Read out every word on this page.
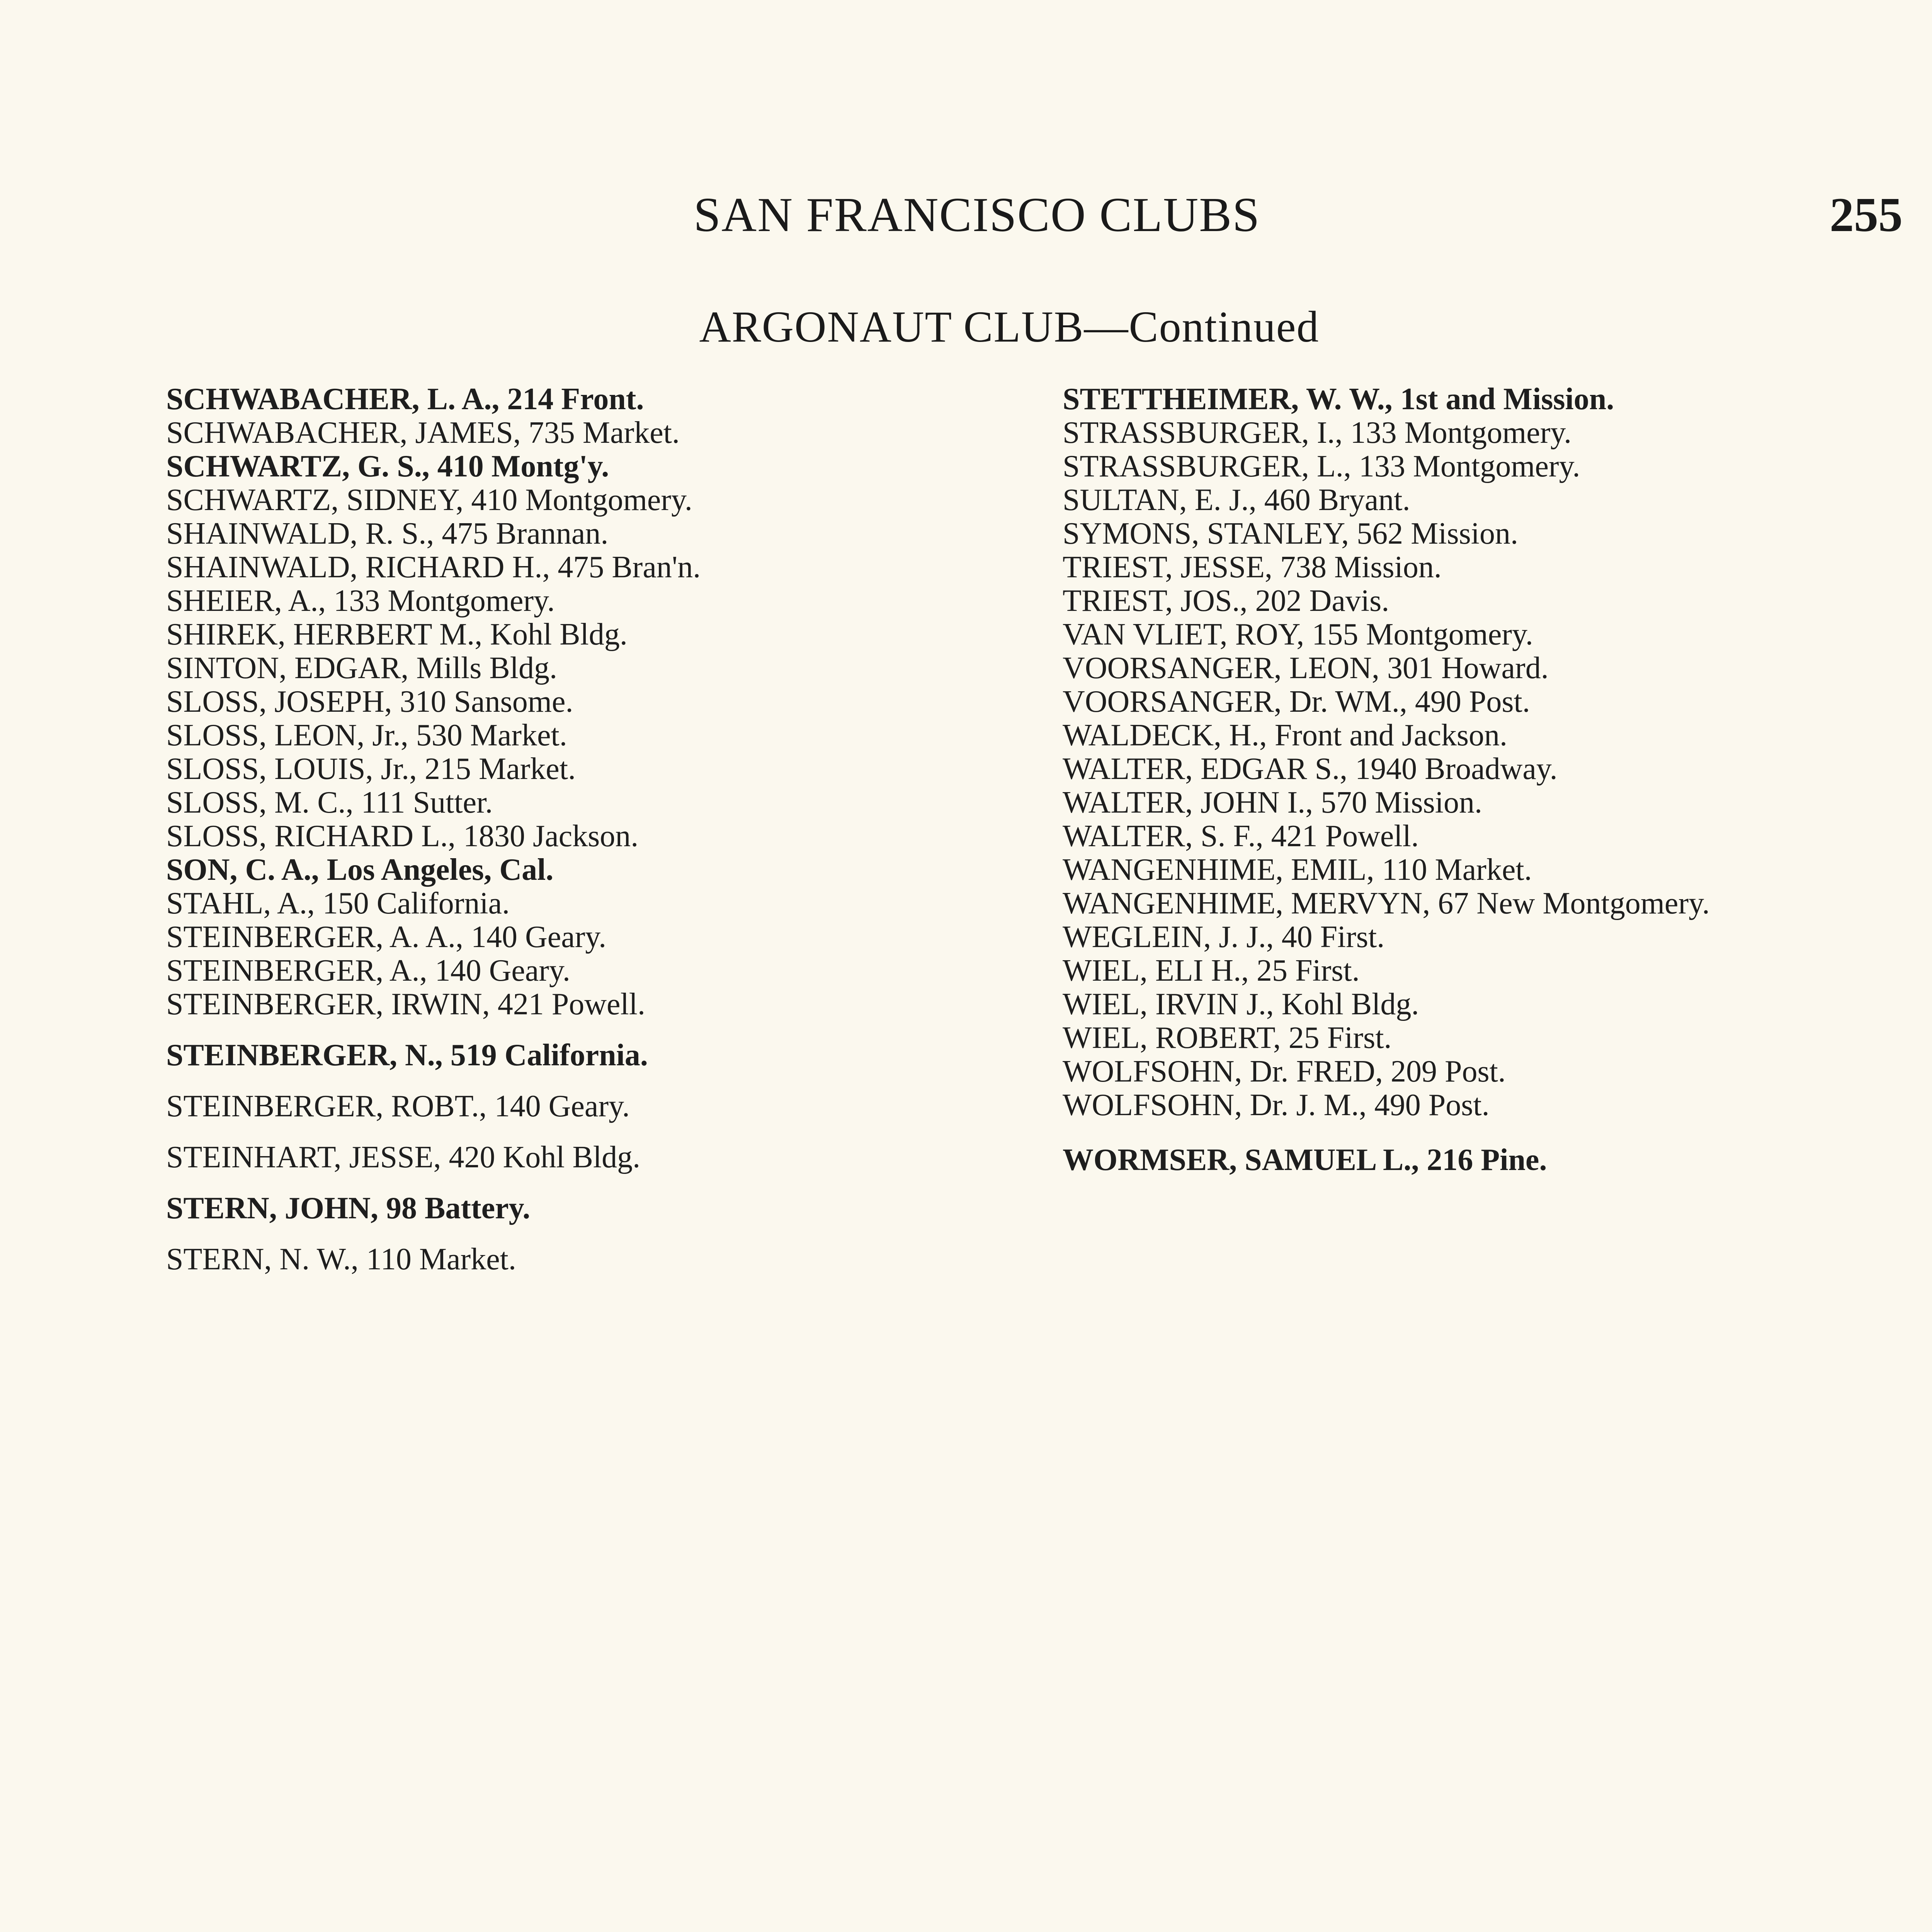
SAN FRANCISCO CLUBS	255
ARGONAUT CLUB—Continued
SCHWABACHER, L. A., 214 Front.
SCHWABACHER, JAMES, 735 Market.
SCHWARTZ, G. S., 410 Montg'y.
SCHWARTZ, SIDNEY, 410 Montgomery.
SHAINWALD, R. S., 475 Brannan.
SHAINWALD, RICHARD H., 475 Bran'n.
SHEIER, A., 133 Montgomery.
SHIREK, HERBERT M., Kohl Bldg.
SINTON, EDGAR, Mills Bldg.
SLOSS, JOSEPH, 310 Sansome.
SLOSS, LEON, Jr., 530 Market.
SLOSS, LOUIS, Jr., 215 Market.
SLOSS, M. C., 111 Sutter.
SLOSS, RICHARD L., 1830 Jackson.
SON, C. A., Los Angeles, Cal.
STAHL, A., 150 California.
STEINBERGER, A. A., 140 Geary.
STEINBERGER, A., 140 Geary.
STEINBERGER, IRWIN, 421 Powell.
STEINBERGER, N., 519 California.
STEINBERGER, ROBT., 140 Geary.
STEINHART, JESSE, 420 Kohl Bldg.
STERN, JOHN, 98 Battery.
STERN, N. W., 110 Market.
STETTHEIMER, W. W., 1st and Mission.
STRASSBURGER, I., 133 Montgomery.
STRASSBURGER, L., 133 Montgomery.
SULTAN, E. J., 460 Bryant.
SYMONS, STANLEY, 562 Mission.
TRIEST, JESSE, 738 Mission.
TRIEST, JOS., 202 Davis.
VAN VLIET, ROY, 155 Montgomery.
VOORSANGER, LEON, 301 Howard.
VOORSANGER, Dr. WM., 490 Post.
WALDECK, H., Front and Jackson.
WALTER, EDGAR S., 1940 Broadway.
WALTER, JOHN I., 570 Mission.
WALTER, S. F., 421 Powell.
WANGENHIME, EMIL, 110 Market.
WANGENHIME, MERVYN, 67 New Montgomery.
WEGLEIN, J. J., 40 First.
WIEL, ELI H., 25 First.
WIEL, IRVIN J., Kohl Bldg.
WIEL, ROBERT, 25 First.
WOLFSOHN, Dr. FRED, 209 Post.
WOLFSOHN, Dr. J. M., 490 Post.
WORMSER, SAMUEL L., 216 Pine.
